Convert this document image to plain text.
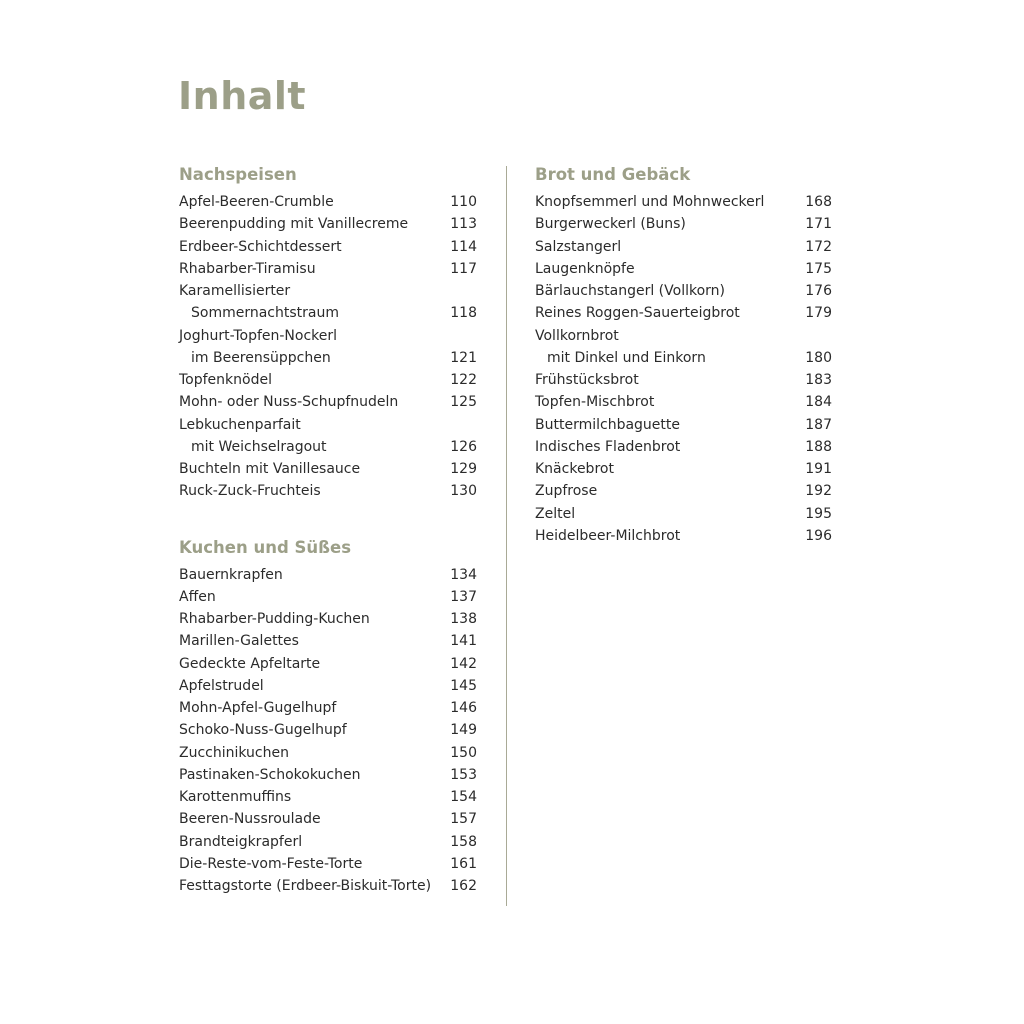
Inhalt
Nachspeisen
Apfel-Beeren-Crumble	110
Beerenpudding mit Vanillecreme	113
Erdbeer-Schichtdessert	114
Rhabarber-Tiramisu	117
Karamellisierter
Sommernachtstraum	118
Joghurt-Topfen-Nockerl
im Beerensüppchen	121
Topfenknödel	122
Mohn- oder Nuss-Schupfnudeln	125
Lebkuchenparfait
mit Weichselragout	126
Buchteln mit Vanillesauce	129
Ruck-Zuck-Fruchteis	130
Kuchen und Süßes
Bauernkrapfen	134
Affen	137
Rhabarber-Pudding-Kuchen	138
Marillen-Galettes	141
Gedeckte Apfeltarte	142
Apfelstrudel	145
Mohn-Apfel-Gugelhupf	146
Schoko-Nuss-Gugelhupf	149
Zucchinikuchen	150
Pastinaken-Schokokuchen	153
Karottenmuffins	154
Beeren-Nussroulade	157
Brandteigkrapferl	158
Die-Reste-vom-Feste-Torte	161
Festtagstorte (Erdbeer-Biskuit-Torte) 162
Brot und Gebäck
Knopfsemmerl und Mohnweckerl	168
Burgerweckerl (Buns)	171
Salzstangerl	172
Laugenknöpfe	175
Bärlauchstangerl (Vollkorn)	176
Reines Roggen-Sauerteigbrot	179
Vollkornbrot
mit Dinkel und Einkorn	180
Frühstücksbrot	183
Topfen-Mischbrot	184
Buttermilchbaguette	187
Indisches Fladenbrot	188
Knäckebrot	191
Zupfrose	192
Zeltel	195
Heidelbeer-Milchbrot	196
